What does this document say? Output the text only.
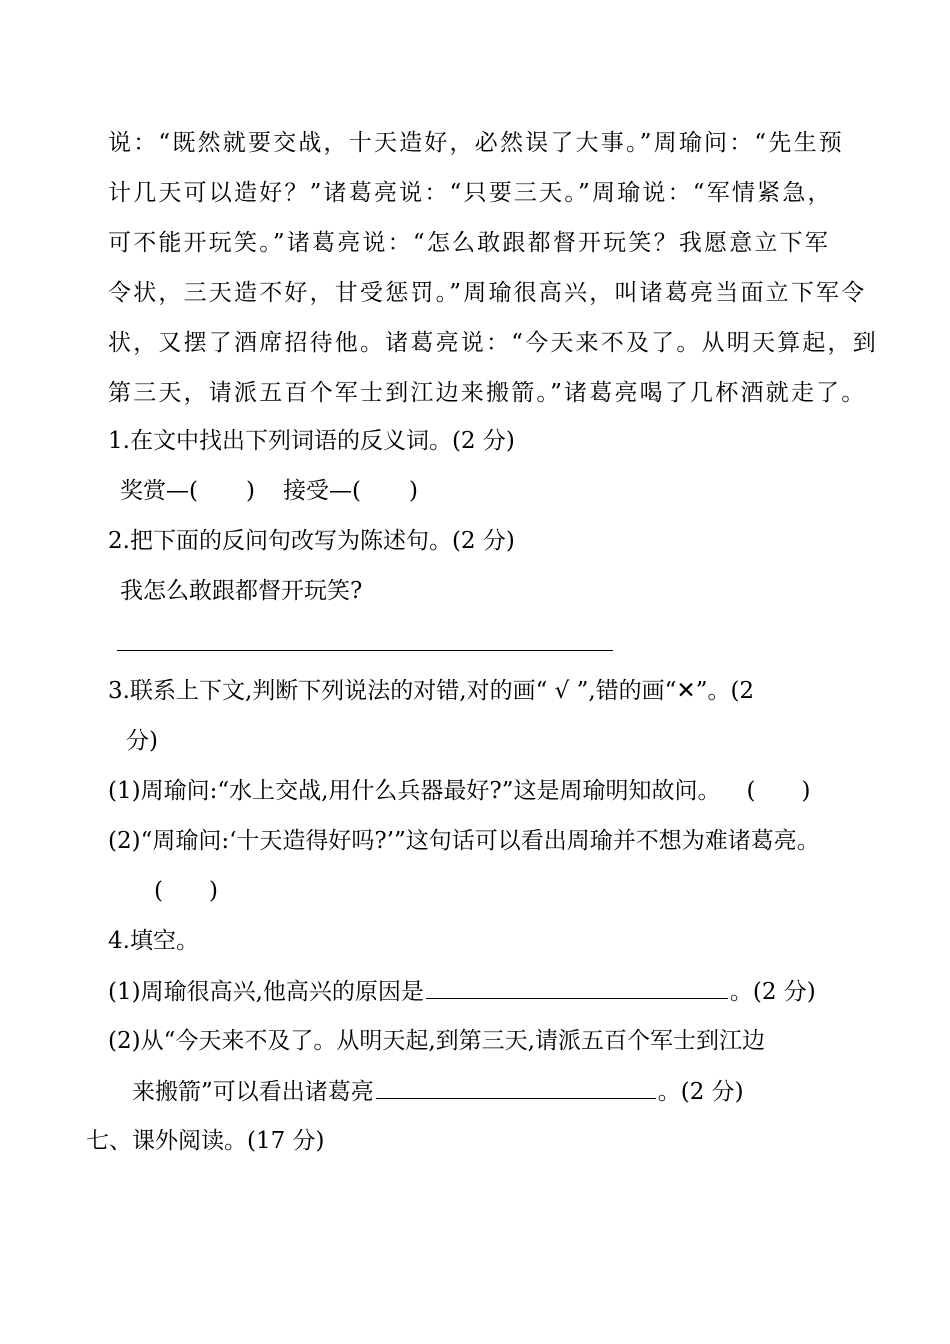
说：“既然就要交战，十天造好，必然误了大事。”周瑜问：“先生预
计几天可以造好？”诸葛亮说：“只要三天。”周瑜说：“军情紧急，
可不能开玩笑。”诸葛亮说：“怎么敢跟都督开玩笑？我愿意立下军
令状，三天造不好，甘受惩罚。”周瑜很高兴，叫诸葛亮当面立下军令
状，又摆了酒席招待他。诸葛亮说：“今天来不及了。从明天算起，到
第三天，请派五百个军士到江边来搬箭。”诸葛亮喝了几杯酒就走了。
1.在文中找出下列词语的反义词。(2 分)
奖赏—( ) 接受—( )
2.把下面的反问句改写为陈述句。(2 分)
我怎么敢跟都督开玩笑?
3.联系上下文,判断下列说法的对错,对的画“ √ ”,错的画“✕”。(2
分)
(1)周瑜问:“水上交战,用什么兵器最好?”这是周瑜明知故问。 ( )
(2)“周瑜问:‘十天造得好吗?’”这句话可以看出周瑜并不想为难诸葛亮。
( )
4.填空。
(1)周瑜很高兴,他高兴的原因是	。(2 分)
(2)从“今天来不及了。从明天起,到第三天,请派五百个军士到江边
来搬箭”可以看出诸葛亮	。(2 分)
七、课外阅读。(17 分)
